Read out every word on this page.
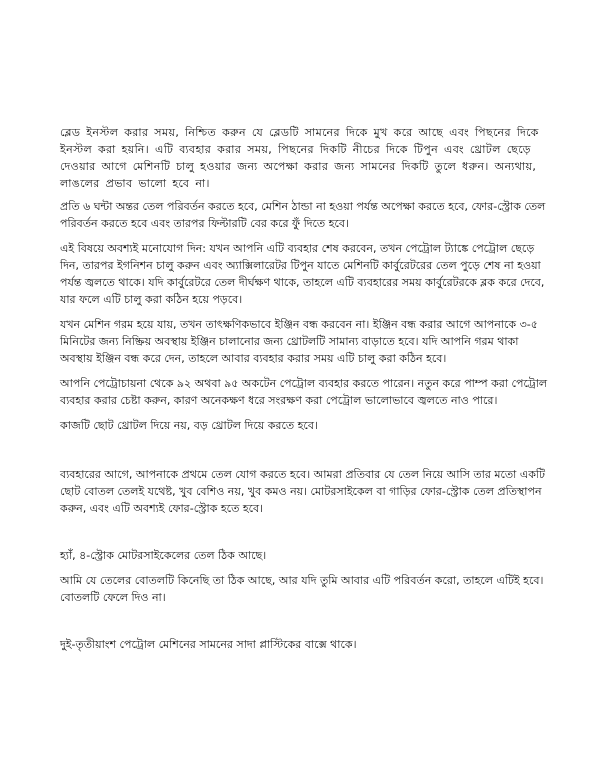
ব্লেড ইনস্টল করার সময়, নিশ্চিত করুন যে ব্লেডটি সামনের দিকে মুখ করে আছে এবং পিছনের দিকে ইনস্টল করা হয়নি। এটি ব্যবহার করার সময়, পিছনের দিকটি নীচের দিকে টিপুন এবং থ্রোটল ছেড়ে দেওয়ার আগে মেশিনটি চালু হওয়ার জন্য অপেক্ষা করার জন্য সামনের দিকটি তুলে ধরুন। অন্যথায়, লাঙলের প্রভাব ভালো হবে না।

প্রতি ৬ ঘন্টা অন্তর তেল পরিবর্তন করতে হবে, মেশিন ঠান্ডা না হওয়া পর্যন্ত অপেক্ষা করতে হবে, ফোর-স্ট্রোক তেল পরিবর্তন করতে হবে এবং তারপর ফিল্টারটি বের করে ফুঁ দিতে হবে।

এই বিষয়ে অবশ্যই মনোযোগ দিন: যখন আপনি এটি ব্যবহার শেষ করবেন, তখন পেট্রোল ট্যাঙ্কে পেট্রোল ছেড়ে দিন, তারপর ইগনিশন চালু করুন এবং অ্যাক্সিলারেটর টিপুন যাতে মেশিনটি কার্বুরেটরের তেল পুড়ে শেষ না হওয়া পর্যন্ত জ্বলতে থাকে। যদি কার্বুরেটরে তেল দীর্ঘক্ষণ থাকে, তাহলে এটি ব্যবহারের সময় কার্বুরেটরকে ব্লক করে দেবে, যার ফলে এটি চালু করা কঠিন হয়ে পড়বে।

যখন মেশিন গরম হয়ে যায়, তখন তাৎক্ষণিকভাবে ইঞ্জিন বন্ধ করবেন না। ইঞ্জিন বন্ধ করার আগে আপনাকে ৩-৫ মিনিটের জন্য নিষ্ক্রিয় অবস্থায় ইঞ্জিন চালানোর জন্য থ্রোটলটি সামান্য বাড়াতে হবে। যদি আপনি গরম থাকা অবস্থায় ইঞ্জিন বন্ধ করে দেন, তাহলে আবার ব্যবহার করার সময় এটি চালু করা কঠিন হবে।

আপনি পেট্রোচায়না থেকে ৯২ অথবা ৯৫ অকটেন পেট্রোল ব্যবহার করতে পারেন। নতুন করে পাম্প করা পেট্রোল ব্যবহার করার চেষ্টা করুন, কারণ অনেকক্ষণ ধরে সংরক্ষণ করা পেট্রোল ভালোভাবে জ্বলতে নাও পারে।

কাজটি ছোট থ্রোটল দিয়ে নয়, বড় থ্রোটল দিয়ে করতে হবে।

ব্যবহারের আগে, আপনাকে প্রথমে তেল যোগ করতে হবে। আমরা প্রতিবার যে তেল নিয়ে আসি তার মতো একটি ছোট বোতল তেলই যথেষ্ট, খুব বেশিও নয়, খুব কমও নয়। মোটরসাইকেল বা গাড়ির ফোর-স্ট্রোক তেল প্রতিস্থাপন করুন, এবং এটি অবশ্যই ফোর-স্ট্রোক হতে হবে।

হ্যাঁ, ৪-স্ট্রোক মোটরসাইকেলের তেল ঠিক আছে।

আমি যে তেলের বোতলটি কিনেছি তা ঠিক আছে, আর যদি তুমি আবার এটি পরিবর্তন করো, তাহলে এটিই হবে। বোতলটি ফেলে দিও না।

দুই-তৃতীয়াংশ পেট্রোল মেশিনের সামনের সাদা প্লাস্টিকের বাক্সে থাকে।
